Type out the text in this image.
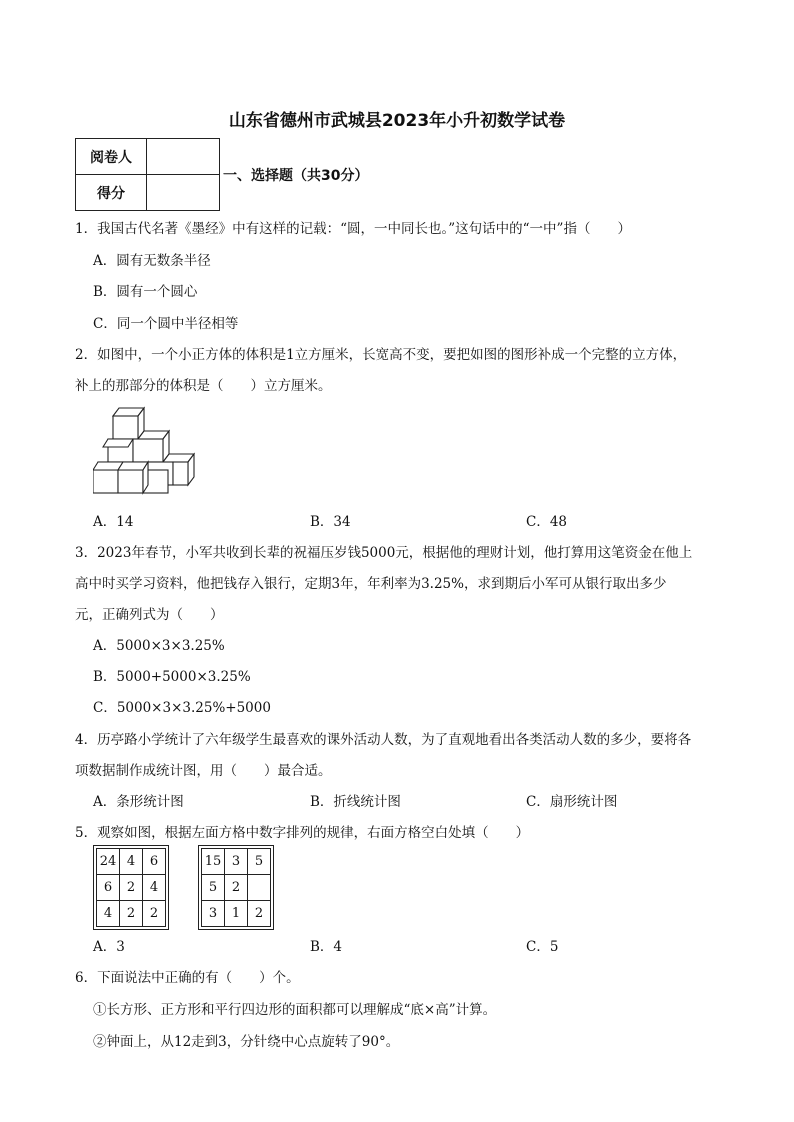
山东省德州市武城县2023年小升初数学试卷
阅卷人	
得分	
一、选择题（共30分）
1．我国古代名著《墨经》中有这样的记载：“圆，一中同长也。”这句话中的“一中”指（　　）
A．圆有无数条半径
B．圆有一个圆心
C．同一个圆中半径相等
2．如图中，一个小正方体的体积是1立方厘米，长宽高不变，要把如图的图形补成一个完整的立方体，
补上的那部分的体积是（　　）立方厘米。
A．14	B．34	C．48
3．2023年春节，小军共收到长辈的祝福压岁钱5000元，根据他的理财计划，他打算用这笔资金在他上
高中时买学习资料，他把钱存入银行，定期3年，年利率为3.25%，求到期后小军可从银行取出多少
元，正确列式为（　　）
A．5000×3×3.25%
B．5000+5000×3.25%
C．5000×3×3.25%+5000
4．历亭路小学统计了六年级学生最喜欢的课外活动人数，为了直观地看出各类活动人数的多少，要将各
项数据制作成统计图，用（　　）最合适。
A．条形统计图	B．折线统计图	C．扇形统计图
5．观察如图，根据左面方格中数字排列的规律，右面方格空白处填（　　）
24	4	6
6	2	4
4	2	2
15	3	5
5	2	
3	1	2
A．3	B．4	C．5
6．下面说法中正确的有（　　）个。
①长方形、正方形和平行四边形的面积都可以理解成“底×高”计算。
②钟面上，从12走到3，分针绕中心点旋转了90°。
